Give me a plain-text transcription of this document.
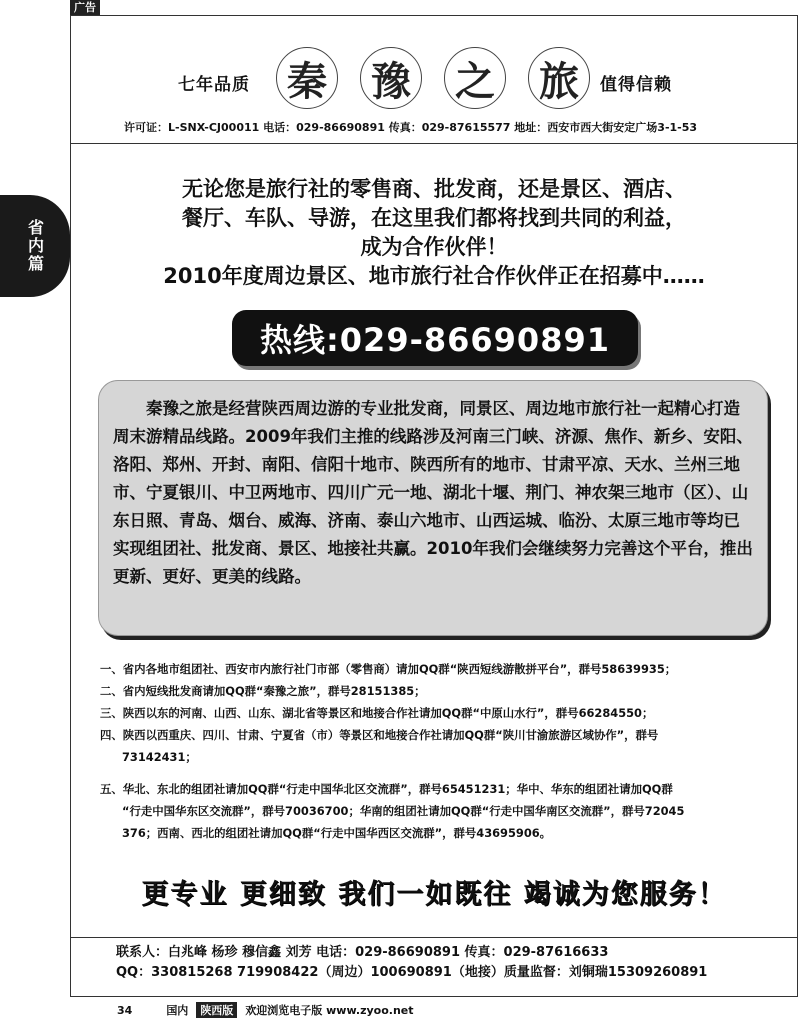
广告
七年品质 秦 豫 之 旅	值得信赖
许可证：L-SNX-CJ00011 电话：029-86690891 传真：029-87615577 地址：西安市西大街安定广场3-1-53
省内篇
无论您是旅行社的零售商、批发商，还是景区、酒店、
餐厅、车队、导游，在这里我们都将找到共同的利益，
成为合作伙伴！
2010年度周边景区、地市旅行社合作伙伴正在招募中……
热线:029-86690891
秦豫之旅是经营陕西周边游的专业批发商，同景区、周边地市旅行社一起精心打造周末游精品线路。2009年我们主推的线路涉及河南三门峡、济源、焦作、新乡、安阳、洛阳、郑州、开封、南阳、信阳十地市、陕西所有的地市、甘肃平凉、天水、兰州三地市、宁夏银川、中卫两地市、四川广元一地、湖北十堰、荆门、神农架三地市（区）、山东日照、青岛、烟台、威海、济南、泰山六地市、山西运城、临汾、太原三地市等均已实现组团社、批发商、景区、地接社共赢。2010年我们会继续努力完善这个平台，推出更新、更好、更美的线路。
一、省内各地市组团社、西安市内旅行社门市部（零售商）请加QQ群“陕西短线游散拼平台”，群号58639935；
二、省内短线批发商请加QQ群“秦豫之旅”，群号28151385；
三、陕西以东的河南、山西、山东、湖北省等景区和地接合作社请加QQ群“中原山水行”，群号66284550；
四、陕西以西重庆、四川、甘肃、宁夏省（市）等景区和地接合作社请加QQ群“陕川甘渝旅游区域协作”，群号
73142431；
五、华北、东北的组团社请加QQ群“行走中国华北区交流群”，群号65451231；华中、华东的组团社请加QQ群
“行走中国华东区交流群”，群号70036700；华南的组团社请加QQ群“行走中国华南区交流群”，群号72045
376；西南、西北的组团社请加QQ群“行走中国华西区交流群”，群号43695906。
更专业 更细致 我们一如既往 竭诚为您服务！
联系人：白兆峰 杨珍 穆信鑫 刘芳 电话：029-86690891 传真：029-87616633
QQ：330815268 719908422（周边）100690891（地接）质量监督：刘铜瑞15309260891
34	国内	陕西版	欢迎浏览电子版 www.zyoo.net
